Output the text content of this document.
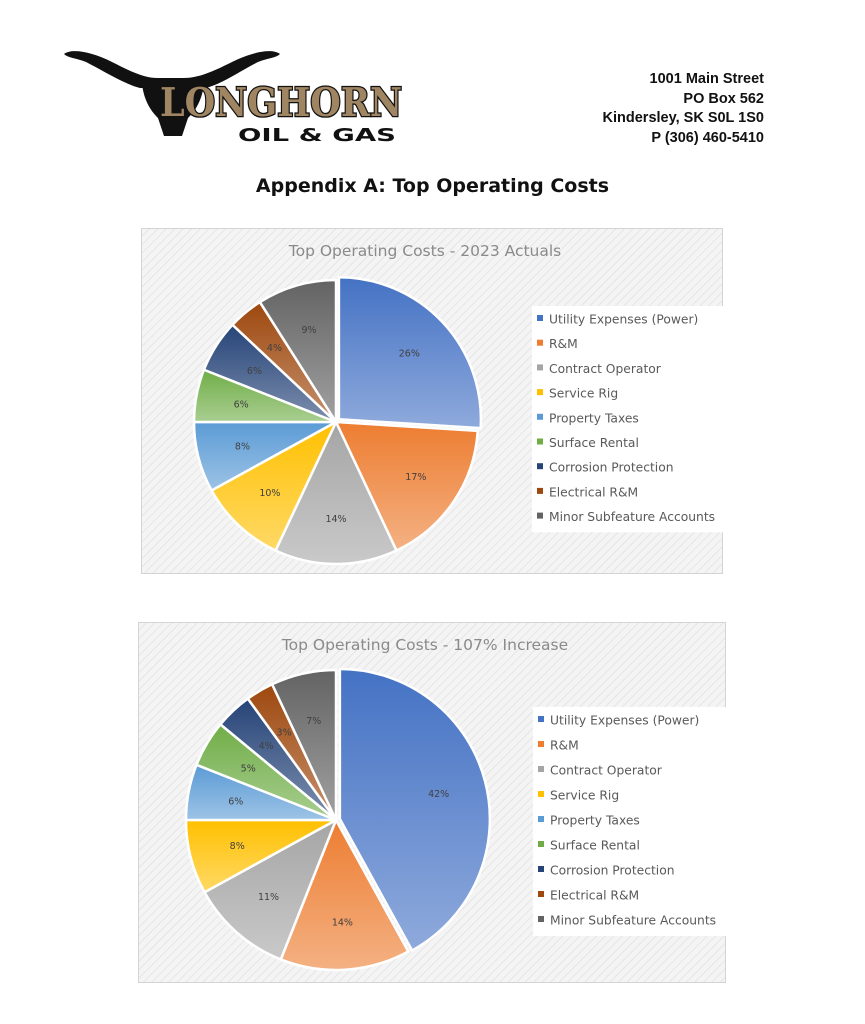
LONGHORN
OIL & GAS
1001 Main Street
PO Box 562
Kindersley, SK S0L 1S0
P (306) 460-5410
Appendix A: Top Operating Costs
Top Operating Costs - 2023 Actuals
26%
17%
14%
10%
8%
6%
6%
4%
9%
Utility Expenses (Power)
R&M
Contract Operator
Service Rig
Property Taxes
Surface Rental
Corrosion Protection
Electrical R&M
Minor Subfeature Accounts
Top Operating Costs - 107% Increase
42%
14%
11%
8%
6%
5%
4%
3%
7%	Utility Expenses (Power)
R&M
Contract Operator
Service Rig
Property Taxes
Surface Rental
Corrosion Protection
Electrical R&M
Minor Subfeature Accounts
